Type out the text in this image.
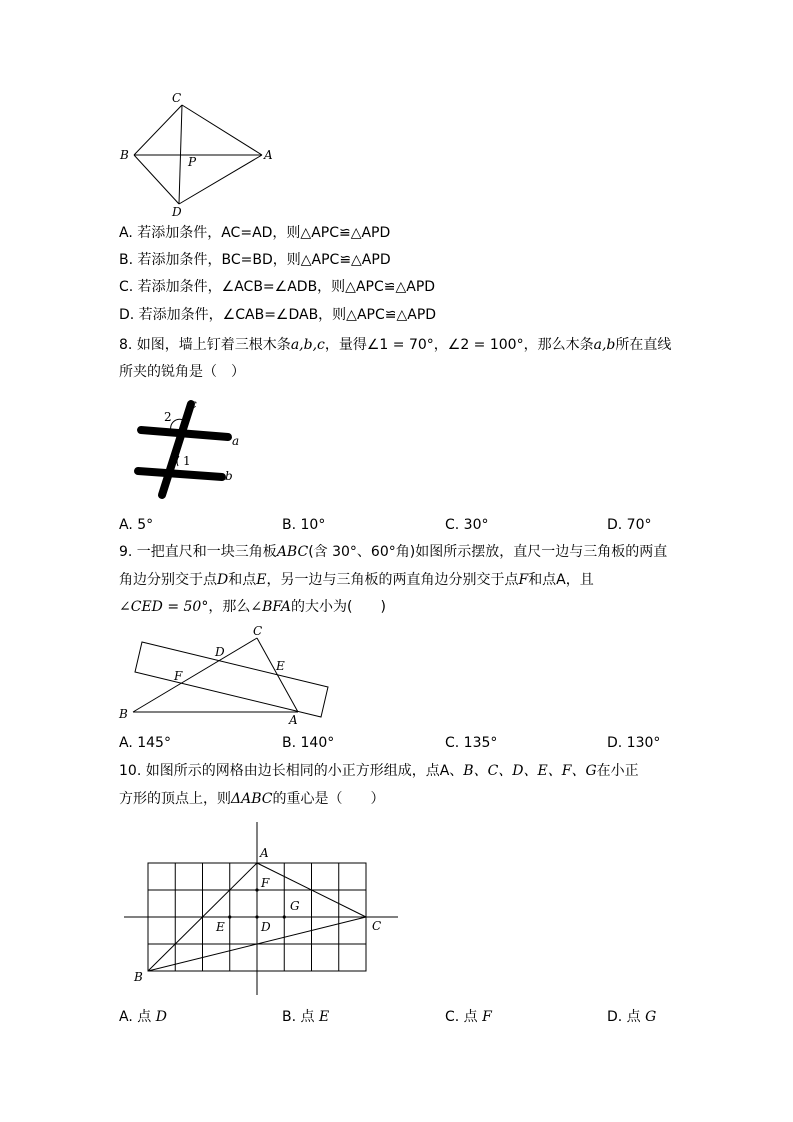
C
B	P	A
D
A. 若添加条件，AC=AD，则△APC≌△APD
B. 若添加条件，BC=BD，则△APC≌△APD
C. 若添加条件，∠ACB=∠ADB，则△APC≌△APD
D. 若添加条件，∠CAB=∠DAB，则△APC≌△APD
8. 如图，墙上钉着三根木条a,b,c，量得∠1 = 70°，∠2 = 100°，那么木条a,b所在直线
所夹的锐角是（　）
c
2
a
1
b
A. 5°	B. 10°	C. 30°	D. 70°
9. 一把直尺和一块三角板ABC(含 30°、60°角)如图所示摆放，直尺一边与三角板的两直
角边分别交于点D和点E，另一边与三角板的两直角边分别交于点F和点A，且
∠CED = 50°，那么∠BFA的大小为(　　)
C
D
E
F
B	A
A. 145°	B. 140°	C. 135°	D. 130°
10. 如图所示的网格由边长相同的小正方形组成，点A、B、C、D、E、F、G在小正
方形的顶点上，则ΔABC的重心是（　　）
A
F
G
E	D	C
B
A. 点 D	B. 点 E	C. 点 F	D. 点 G
